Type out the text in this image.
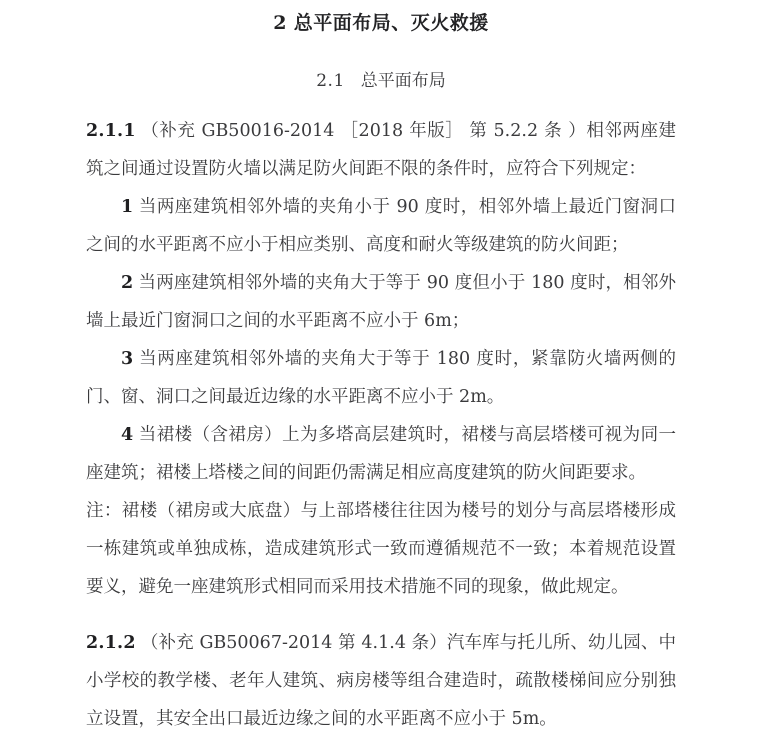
2 总平面布局、灭火救援
2.1 总平面布局

2.1.1 （补充 GB50016-2014 ［2018 年版］ 第 5.2.2 条 ）相邻两座建筑之间通过设置防火墙以满足防火间距不限的条件时，应符合下列规定：

1 当两座建筑相邻外墙的夹角小于 90 度时，相邻外墙上最近门窗洞口之间的水平距离不应小于相应类别、高度和耐火等级建筑的防火间距；

2 当两座建筑相邻外墙的夹角大于等于 90 度但小于 180 度时，相邻外墙上最近门窗洞口之间的水平距离不应小于 6m；

3 当两座建筑相邻外墙的夹角大于等于 180 度时，紧靠防火墙两侧的门、窗、洞口之间最近边缘的水平距离不应小于 2m。

4 当裙楼（含裙房）上为多塔高层建筑时，裙楼与高层塔楼可视为同一座建筑；裙楼上塔楼之间的间距仍需满足相应高度建筑的防火间距要求。

注：裙楼（裙房或大底盘）与上部塔楼往往因为楼号的划分与高层塔楼形成一栋建筑或单独成栋，造成建筑形式一致而遵循规范不一致；本着规范设置要义，避免一座建筑形式相同而采用技术措施不同的现象，做此规定。

2.1.2 （补充 GB50067-2014 第 4.1.4 条）汽车库与托儿所、幼儿园、中小学校的教学楼、老年人建筑、病房楼等组合建造时，疏散楼梯间应分别独立设置，其安全出口最近边缘之间的水平距离不应小于 5m。
